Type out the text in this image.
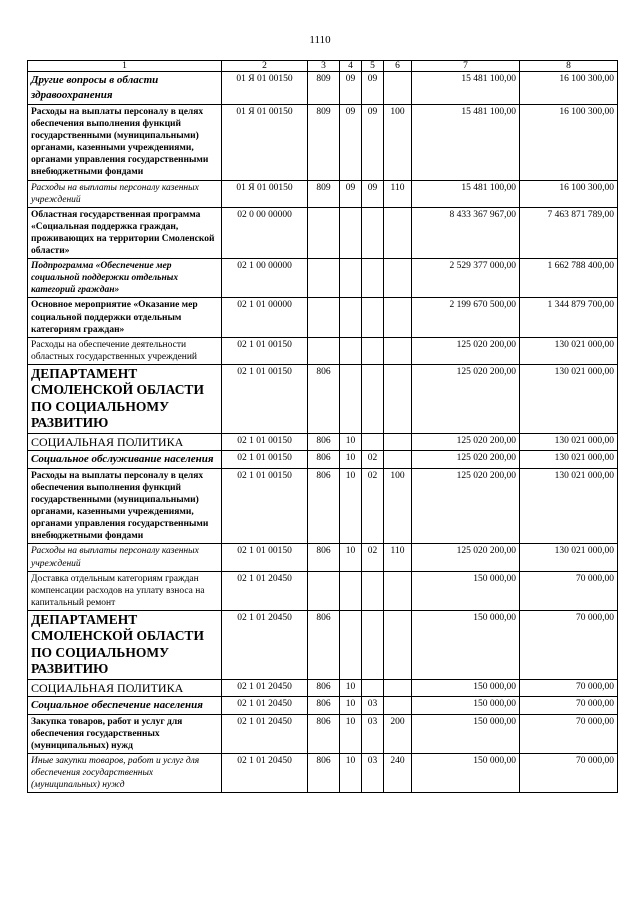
1110
1	2	3	4	5	6	7	8
Другие вопросы в области здравоохранения	01 Я 01 00150	809	09	09		15 481 100,00	16 100 300,00
Расходы на выплаты персоналу в целях обеспечения выполнения функций государственными (муниципальными) органами, казенными учреждениями, органами управления государственными внебюджетными фондами	01 Я 01 00150	809	09	09	100	15 481 100,00	16 100 300,00
Расходы на выплаты персоналу казенных учреждений	01 Я 01 00150	809	09	09	110	15 481 100,00	16 100 300,00
Областная государственная программа «Социальная поддержка граждан, проживающих на территории Смоленской области»	02 0 00 00000					8 433 367 967,00	7 463 871 789,00
Подпрограмма «Обеспечение мер социальной поддержки отдельных категорий граждан»	02 1 00 00000					2 529 377 000,00	1 662 788 400,00
Основное мероприятие «Оказание мер социальной поддержки отдельным категориям граждан»	02 1 01 00000					2 199 670 500,00	1 344 879 700,00
Расходы на обеспечение деятельности областных государственных учреждений	02 1 01 00150					125 020 200,00	130 021 000,00
ДЕПАРТАМЕНТ СМОЛЕНСКОЙ ОБЛАСТИ ПО СОЦИАЛЬНОМУ РАЗВИТИЮ	02 1 01 00150	806				125 020 200,00	130 021 000,00
СОЦИАЛЬНАЯ ПОЛИТИКА	02 1 01 00150	806	10			125 020 200,00	130 021 000,00
Социальное обслуживание населения	02 1 01 00150	806	10	02		125 020 200,00	130 021 000,00
Расходы на выплаты персоналу в целях обеспечения выполнения функций государственными (муниципальными) органами, казенными учреждениями, органами управления государственными внебюджетными фондами	02 1 01 00150	806	10	02	100	125 020 200,00	130 021 000,00
Расходы на выплаты персоналу казенных учреждений	02 1 01 00150	806	10	02	110	125 020 200,00	130 021 000,00
Доставка отдельным категориям граждан компенсации расходов на уплату взноса на капитальный ремонт	02 1 01 20450					150 000,00	70 000,00
ДЕПАРТАМЕНТ СМОЛЕНСКОЙ ОБЛАСТИ ПО СОЦИАЛЬНОМУ РАЗВИТИЮ	02 1 01 20450	806				150 000,00	70 000,00
СОЦИАЛЬНАЯ ПОЛИТИКА	02 1 01 20450	806	10			150 000,00	70 000,00
Социальное обеспечение населения	02 1 01 20450	806	10	03		150 000,00	70 000,00
Закупка товаров, работ и услуг для обеспечения государственных (муниципальных) нужд	02 1 01 20450	806	10	03	200	150 000,00	70 000,00
Иные закупки товаров, работ и услуг для обеспечения государственных (муниципальных) нужд	02 1 01 20450	806	10	03	240	150 000,00	70 000,00
